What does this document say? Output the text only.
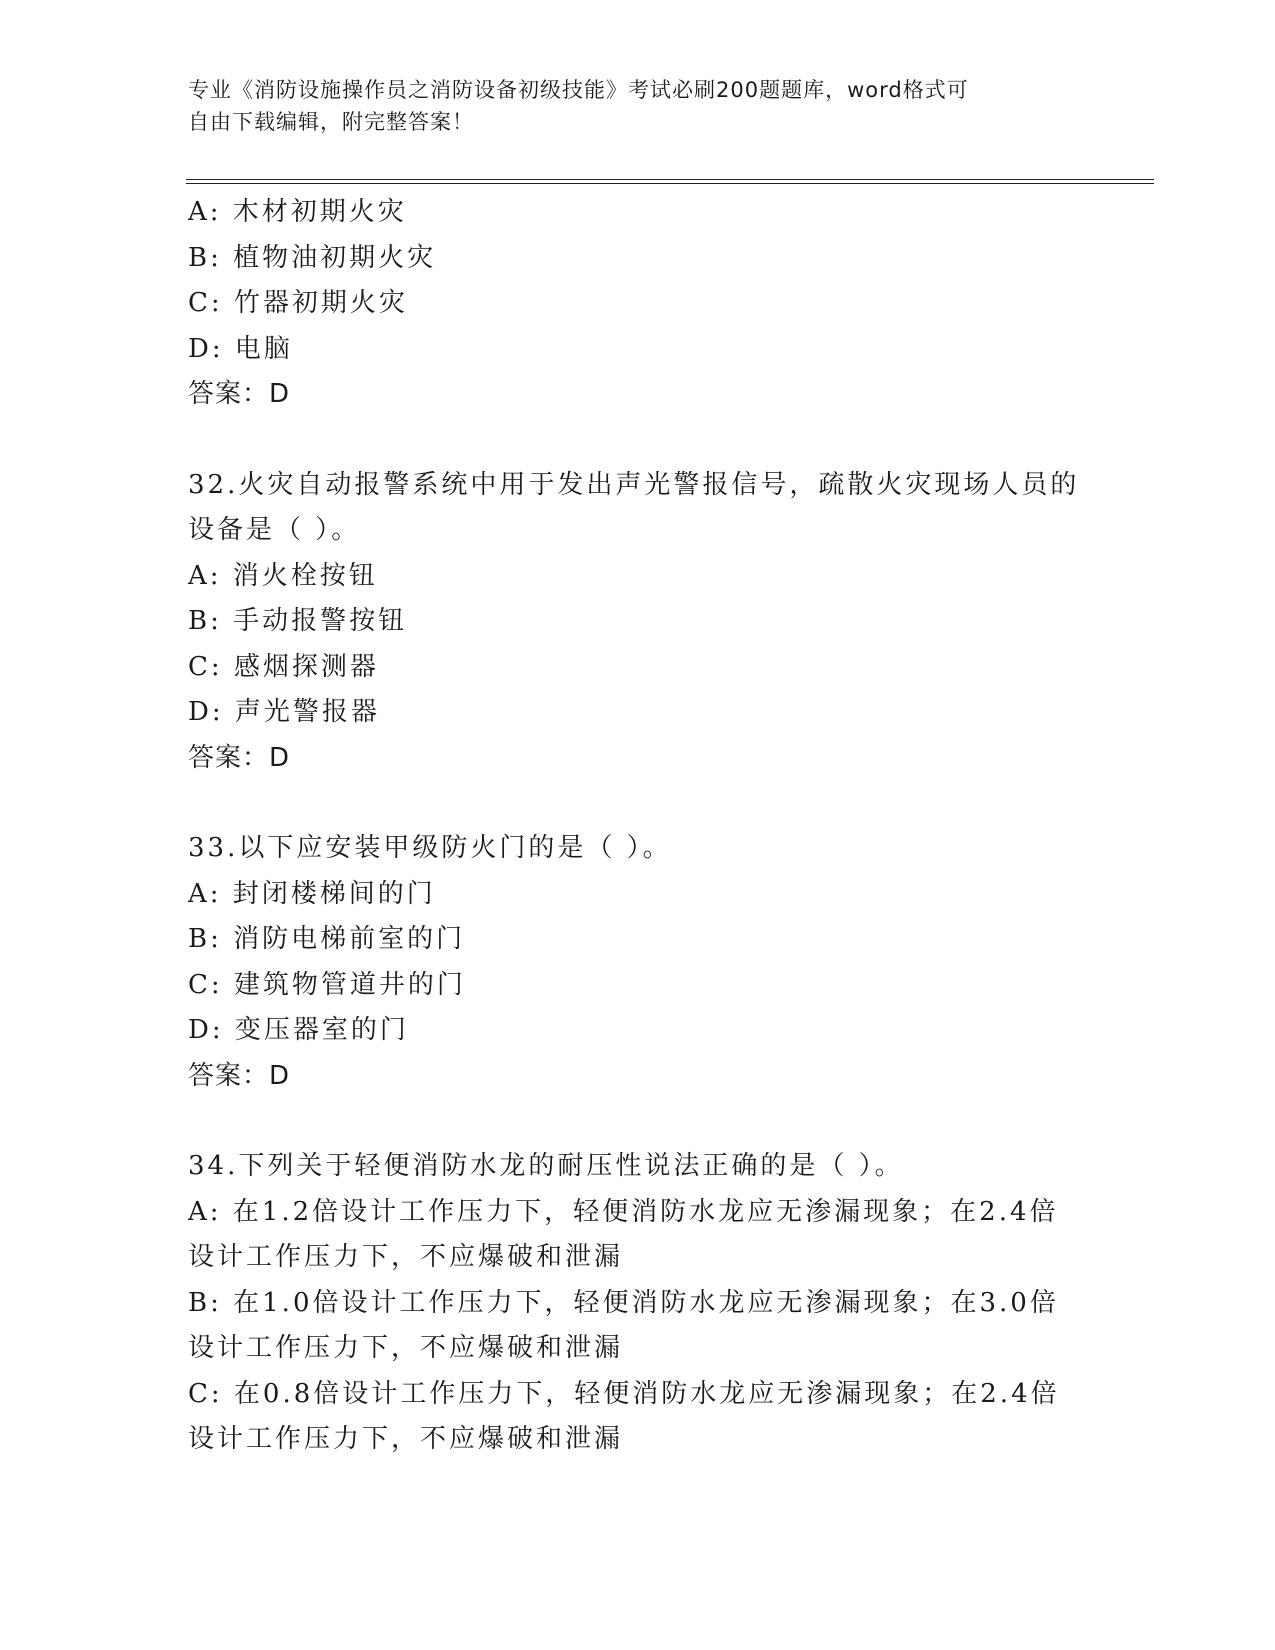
专业《消防设施操作员之消防设备初级技能》考试必刷200题题库，word格式可
自由下载编辑，附完整答案！
A: 木材初期火灾
B: 植物油初期火灾
C: 竹器初期火灾
D: 电脑
答案：D
32.火灾自动报警系统中用于发出声光警报信号，疏散火灾现场人员的
设备是（ ）。
A: 消火栓按钮
B: 手动报警按钮
C: 感烟探测器
D: 声光警报器
答案：D
33.以下应安装甲级防火门的是（ ）。
A: 封闭楼梯间的门
B: 消防电梯前室的门
C: 建筑物管道井的门
D: 变压器室的门
答案：D
34.下列关于轻便消防水龙的耐压性说法正确的是（ ）。
A: 在1.2倍设计工作压力下，轻便消防水龙应无渗漏现象；在2.4倍
设计工作压力下，不应爆破和泄漏
B: 在1.0倍设计工作压力下，轻便消防水龙应无渗漏现象；在3.0倍
设计工作压力下，不应爆破和泄漏
C: 在0.8倍设计工作压力下，轻便消防水龙应无渗漏现象；在2.4倍
设计工作压力下，不应爆破和泄漏
